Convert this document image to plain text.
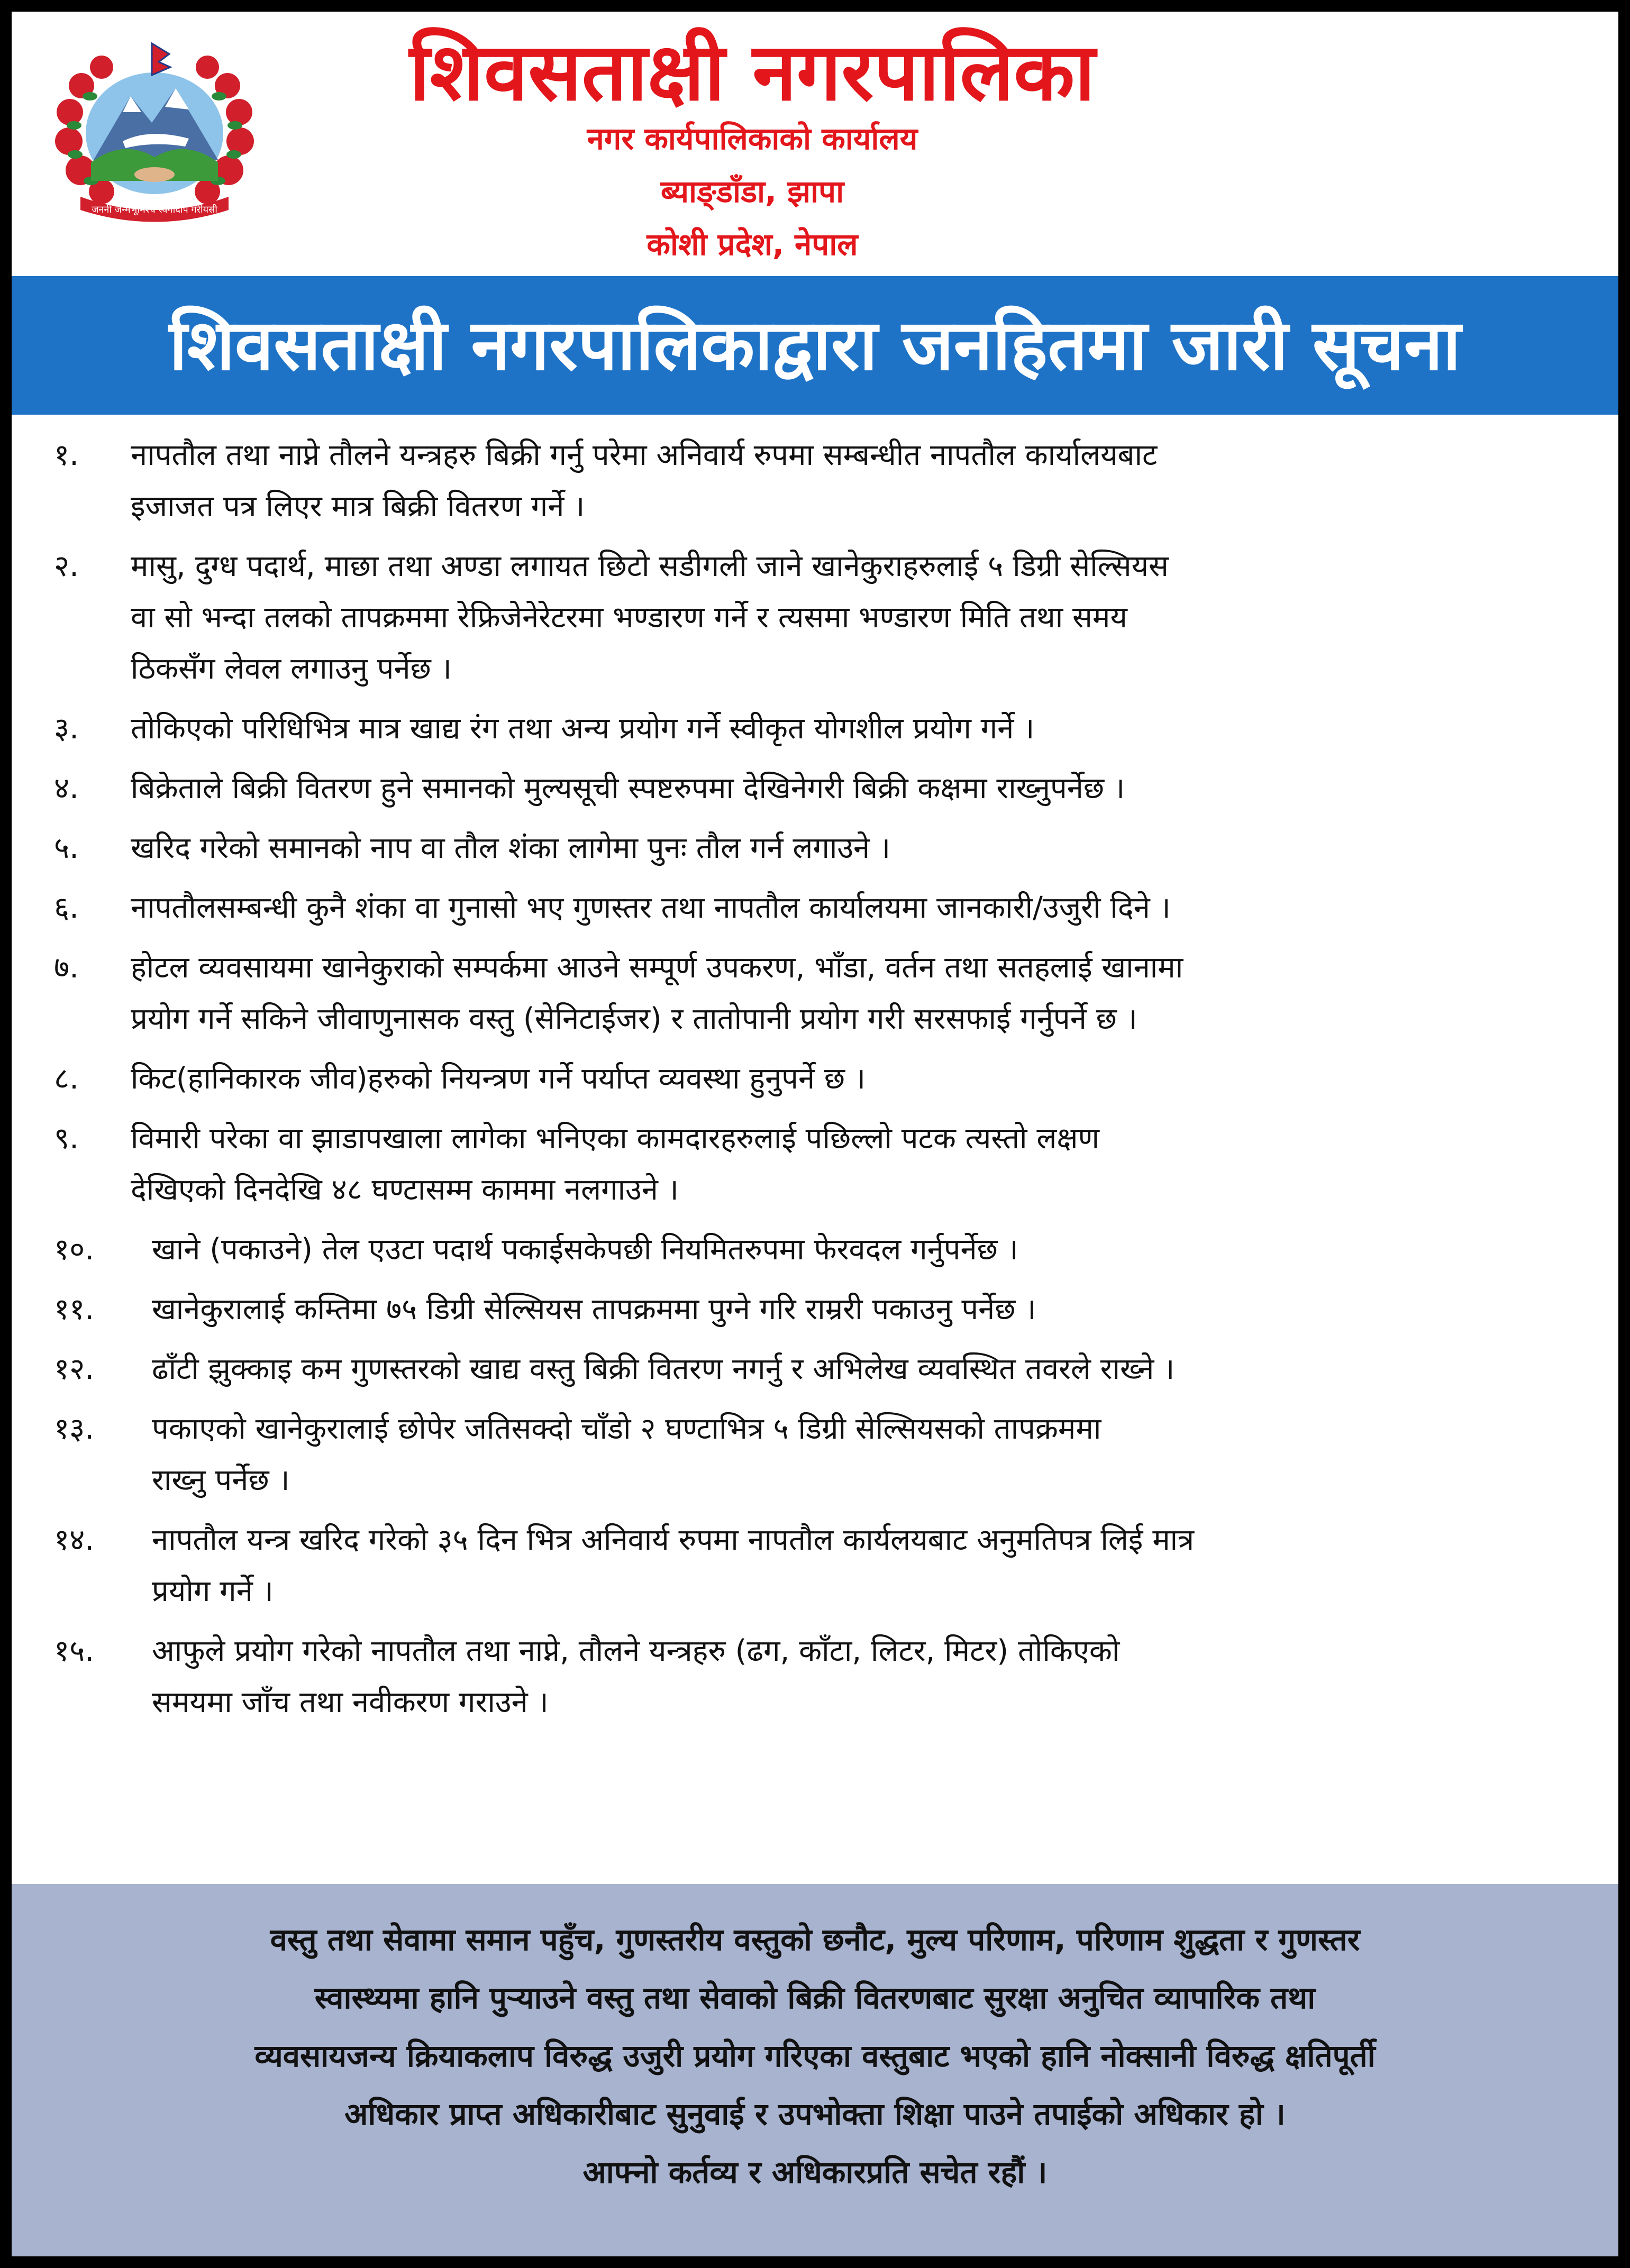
जननी जन्मभूमिश्च स्वर्गादपि गरीयसी
शिवसताक्षी नगरपालिका
नगर कार्यपालिकाको कार्यालय
ब्याङ्डाँडा, झापा
कोशी प्रदेश, नेपाल
शिवसताक्षी नगरपालिकाद्वारा जनहितमा जारी सूचना
१.	नापतौल तथा नाप्ने तौलने यन्त्रहरु बिक्री गर्नु परेमा अनिवार्य रुपमा सम्बन्धीत नापतौल कार्यालयबाट
इजाजत पत्र लिएर मात्र बिक्री वितरण गर्ने ।
२.	मासु, दुग्ध पदार्थ, माछा तथा अण्डा लगायत छिटो सडीगली जाने खानेकुराहरुलाई ५ डिग्री सेल्सियस
वा सो भन्दा तलको तापक्रममा रेफ्रिजेनेरेटरमा भण्डारण गर्ने र त्यसमा भण्डारण मिति तथा समय
ठिकसँग लेवल लगाउनु पर्नेछ ।
३.	तोकिएको परिधिभित्र मात्र खाद्य रंग तथा अन्य प्रयोग गर्ने स्वीकृत योगशील प्रयोग गर्ने ।
४.	बिक्रेताले बिक्री वितरण हुने समानको मुल्यसूची स्पष्टरुपमा देखिनेगरी बिक्री कक्षमा राख्नुपर्नेछ ।
५.	खरिद गरेको समानको नाप वा तौल शंका लागेमा पुनः तौल गर्न लगाउने ।
६.	नापतौलसम्बन्धी कुनै शंका वा गुनासो भए गुणस्तर तथा नापतौल कार्यालयमा जानकारी/उजुरी दिने ।
७.	होटल व्यवसायमा खानेकुराको सम्पर्कमा आउने सम्पूर्ण उपकरण, भाँडा, वर्तन तथा सतहलाई खानामा
प्रयोग गर्ने सकिने जीवाणुनासक वस्तु (सेनिटाईजर) र तातोपानी प्रयोग गरी सरसफाई गर्नुपर्ने छ ।
८.	किट(हानिकारक जीव)हरुको नियन्त्रण गर्ने पर्याप्त व्यवस्था हुनुपर्ने छ ।
९.	विमारी परेका वा झाडापखाला लागेका भनिएका कामदारहरुलाई पछिल्लो पटक त्यस्तो लक्षण
देखिएको दिनदेखि ४८ घण्टासम्म काममा नलगाउने ।
१०.	खाने (पकाउने) तेल एउटा पदार्थ पकाईसकेपछी नियमितरुपमा फेरवदल गर्नुपर्नेछ ।
११.	खानेकुरालाई कम्तिमा ७५ डिग्री सेल्सियस तापक्रममा पुग्ने गरि राम्ररी पकाउनु पर्नेछ ।
१२.	ढाँटी झुक्काइ कम गुणस्तरको खाद्य वस्तु बिक्री वितरण नगर्नु र अभिलेख व्यवस्थित तवरले राख्ने ।
१३.	पकाएको खानेकुरालाई छोपेर जतिसक्दो चाँडो २ घण्टाभित्र ५ डिग्री सेल्सियसको तापक्रममा
राख्नु पर्नेछ ।
१४.	नापतौल यन्त्र खरिद गरेको ३५ दिन भित्र अनिवार्य रुपमा नापतौल कार्यलयबाट अनुमतिपत्र लिई मात्र
प्रयोग गर्ने ।
१५.	आफुले प्रयोग गरेको नापतौल तथा नाप्ने, तौलने यन्त्रहरु (ढग, काँटा, लिटर, मिटर) तोकिएको
समयमा जाँच तथा नवीकरण गराउने ।
वस्तु तथा सेवामा समान पहुँच, गुणस्तरीय वस्तुको छनौट, मुल्य परिणाम, परिणाम शुद्धता र गुणस्तर
स्वास्थ्यमा हानि पुऱ्याउने वस्तु तथा सेवाको बिक्री वितरणबाट सुरक्षा अनुचित व्यापारिक तथा
व्यवसायजन्य क्रियाकलाप विरुद्ध उजुरी प्रयोग गरिएका वस्तुबाट भएको हानि नोक्सानी विरुद्ध क्षतिपूर्ती
अधिकार प्राप्त अधिकारीबाट सुनुवाई र उपभोक्ता शिक्षा पाउने तपाईको अधिकार हो ।
आफ्नो कर्तव्य र अधिकारप्रति सचेत रहौं ।
